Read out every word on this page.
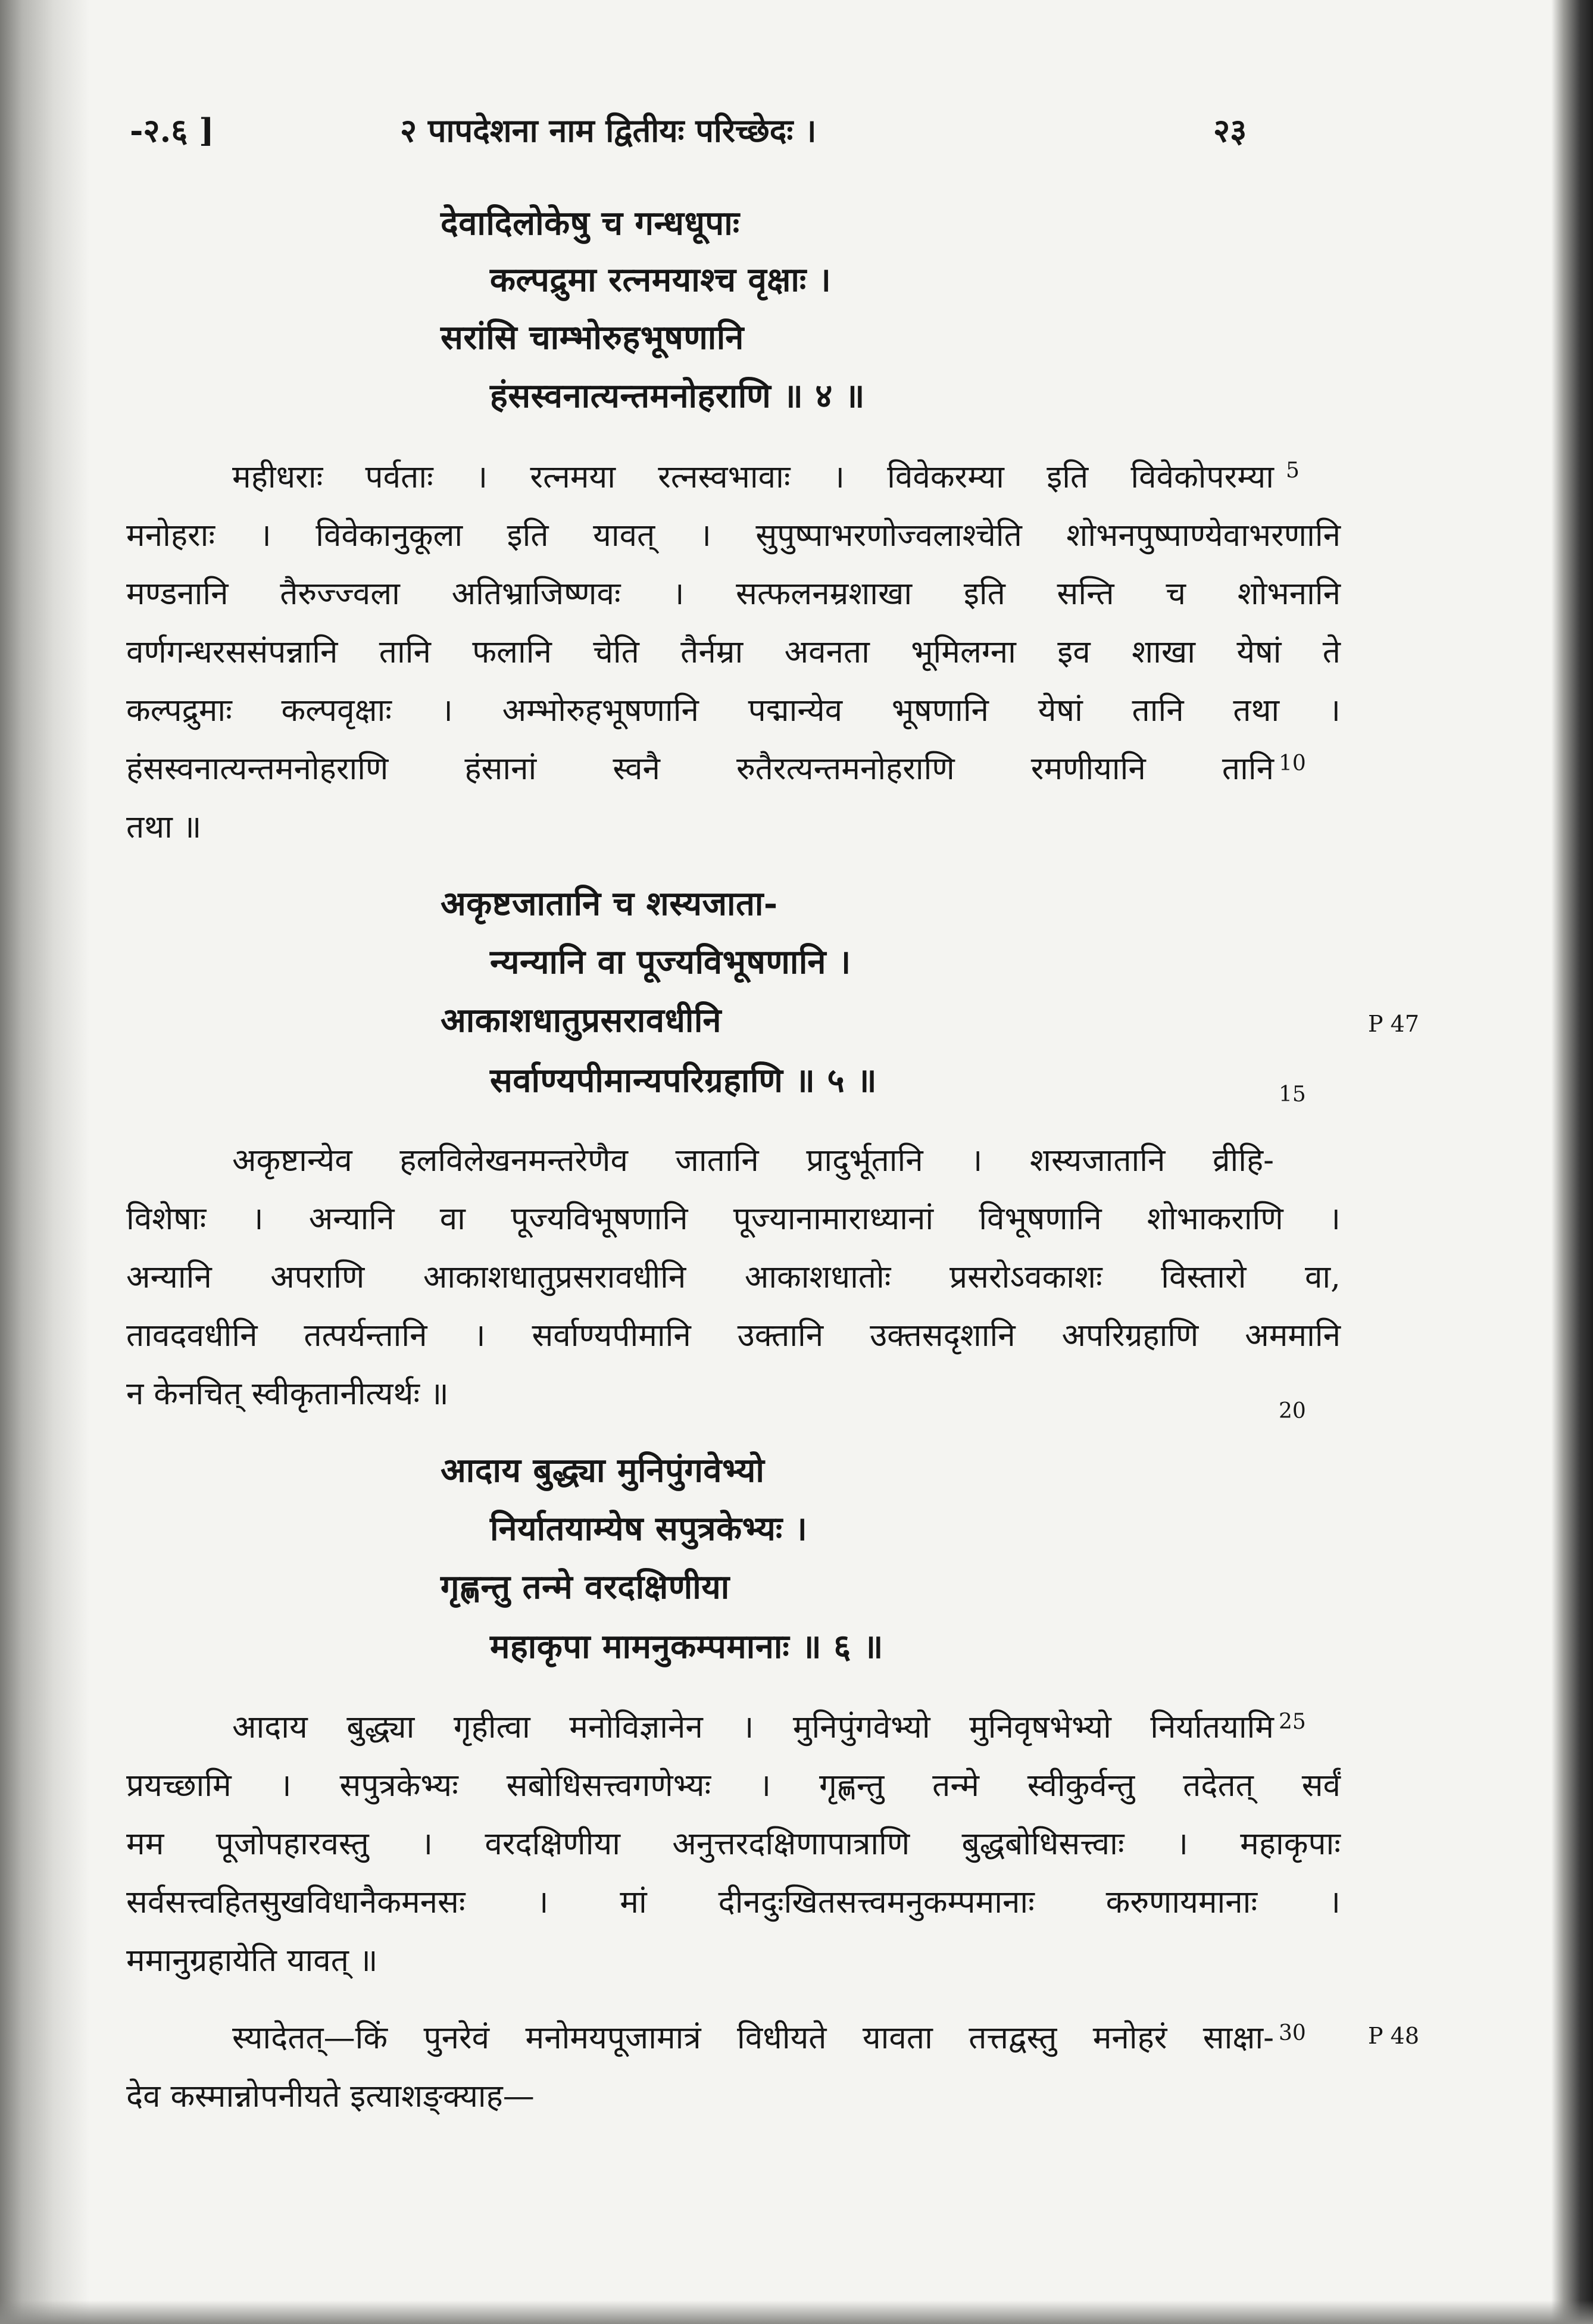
-२.६ ]	२ पापदेशना नाम द्वितीयः परिच्छेदः ।	२३
देवादिलोकेषु च गन्धधूपाः
कल्पद्रुमा रत्नमयाश्च वृक्षाः ।
सरांसि चाम्भोरुहभूषणानि
हंसस्वनात्यन्तमनोहराणि ॥ ४ ॥
महीधराः पर्वताः । रत्नमया रत्नस्वभावाः । विवेकरम्या इति विवेकोपरम्या
मनोहराः । विवेकानुकूला इति यावत् । सुपुष्पाभरणोज्वलाश्चेति शोभनपुष्पाण्येवाभरणानि
मण्डनानि तैरुज्ज्वला अतिभ्राजिष्णवः । सत्फलनम्रशाखा इति सन्ति च शोभनानि
वर्णगन्धरससंपन्नानि तानि फलानि चेति तैर्नम्रा अवनता भूमिलग्ना इव शाखा येषां ते
कल्पद्रुमाः कल्पवृक्षाः । अम्भोरुहभूषणानि पद्मान्येव भूषणानि येषां तानि तथा ।
हंसस्वनात्यन्तमनोहराणि हंसानां स्वनै रुतैरत्यन्तमनोहराणि रमणीयानि तानि
तथा ॥
अकृष्टजातानि च शस्यजाता-
न्यन्यानि वा पूज्यविभूषणानि ।
आकाशधातुप्रसरावधीनि
सर्वाण्यपीमान्यपरिग्रहाणि ॥ ५ ॥
अकृष्टान्येव हलविलेखनमन्तरेणैव जातानि प्रादुर्भूतानि । शस्यजातानि व्रीहि-
विशेषाः । अन्यानि वा पूज्यविभूषणानि पूज्यानामाराध्यानां विभूषणानि शोभाकराणि ।
अन्यानि अपराणि आकाशधातुप्रसरावधीनि आकाशधातोः प्रसरोऽवकाशः विस्तारो वा,
तावदवधीनि तत्पर्यन्तानि । सर्वाण्यपीमानि उक्तानि उक्तसदृशानि अपरिग्रहाणि अममानि
न केनचित् स्वीकृतानीत्यर्थः ॥
आदाय बुद्ध्या मुनिपुंगवेभ्यो
निर्यातयाम्येष सपुत्रकेभ्यः ।
गृह्णन्तु तन्मे वरदक्षिणीया
महाकृपा मामनुकम्पमानाः ॥ ६ ॥
आदाय बुद्ध्या गृहीत्वा मनोविज्ञानेन । मुनिपुंगवेभ्यो मुनिवृषभेभ्यो निर्यातयामि
प्रयच्छामि । सपुत्रकेभ्यः सबोधिसत्त्वगणेभ्यः । गृह्णन्तु तन्मे स्वीकुर्वन्तु तदेतत् सर्वं
मम पूजोपहारवस्तु । वरदक्षिणीया अनुत्तरदक्षिणापात्राणि बुद्धबोधिसत्त्वाः । महाकृपाः
सर्वसत्त्वहितसुखविधानैकमनसः । मां दीनदुःखितसत्त्वमनुकम्पमानाः करुणायमानाः ।
ममानुग्रहायेति यावत् ॥
स्यादेतत्—किं पुनरेवं मनोमयपूजामात्रं विधीयते यावता तत्तद्वस्तु मनोहरं साक्षा-
देव कस्मान्नोपनीयते इत्याशङ्क्याह—
5
10
15
20
25
30
P 47
P 48
